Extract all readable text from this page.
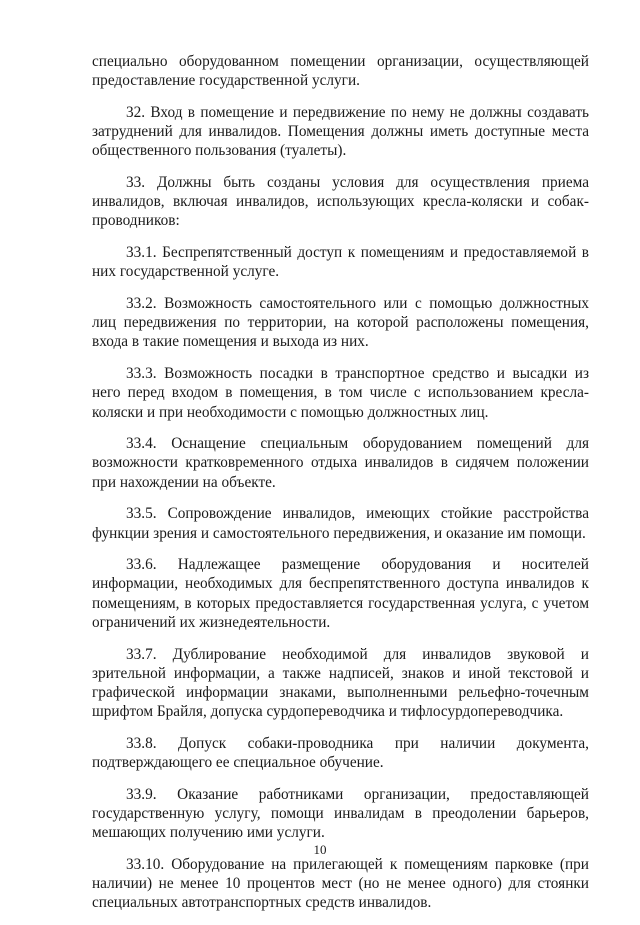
специально оборудованном помещении организации, осуществляющей предоставление государственной услуги.

32. Вход в помещение и передвижение по нему не должны создавать затруднений для инвалидов. Помещения должны иметь доступные места общественного пользования (туалеты).

33. Должны быть созданы условия для осуществления приема инвалидов, включая инвалидов, использующих кресла-коляски и собак-проводников:

33.1. Беспрепятственный доступ к помещениям и предоставляемой в них государственной услуге.

33.2. Возможность самостоятельного или с помощью должностных лиц передвижения по территории, на которой расположены помещения, входа в такие помещения и выхода из них.

33.3. Возможность посадки в транспортное средство и высадки из него перед входом в помещения, в том числе с использованием кресла-коляски и при необходимости с помощью должностных лиц.

33.4. Оснащение специальным оборудованием помещений для возможности кратковременного отдыха инвалидов в сидячем положении при нахождении на объекте.

33.5. Сопровождение инвалидов, имеющих стойкие расстройства функции зрения и самостоятельного передвижения, и оказание им помощи.

33.6. Надлежащее размещение оборудования и носителей информации, необходимых для беспрепятственного доступа инвалидов к помещениям, в которых предоставляется государственная услуга, с учетом ограничений их жизнедеятельности.

33.7. Дублирование необходимой для инвалидов звуковой и зрительной информации, а также надписей, знаков и иной текстовой и графической информации знаками, выполненными рельефно-точечным шрифтом Брайля, допуска сурдопереводчика и тифлосурдопереводчика.

33.8. Допуск собаки-проводника при наличии документа, подтверждающего ее специальное обучение.

33.9. Оказание работниками организации, предоставляющей государственную услугу, помощи инвалидам в преодолении барьеров, мешающих получению ими услуги.

33.10. Оборудование на прилегающей к помещениям парковке (при наличии) не менее 10 процентов мест (но не менее одного) для стоянки специальных автотранспортных средств инвалидов.

10
